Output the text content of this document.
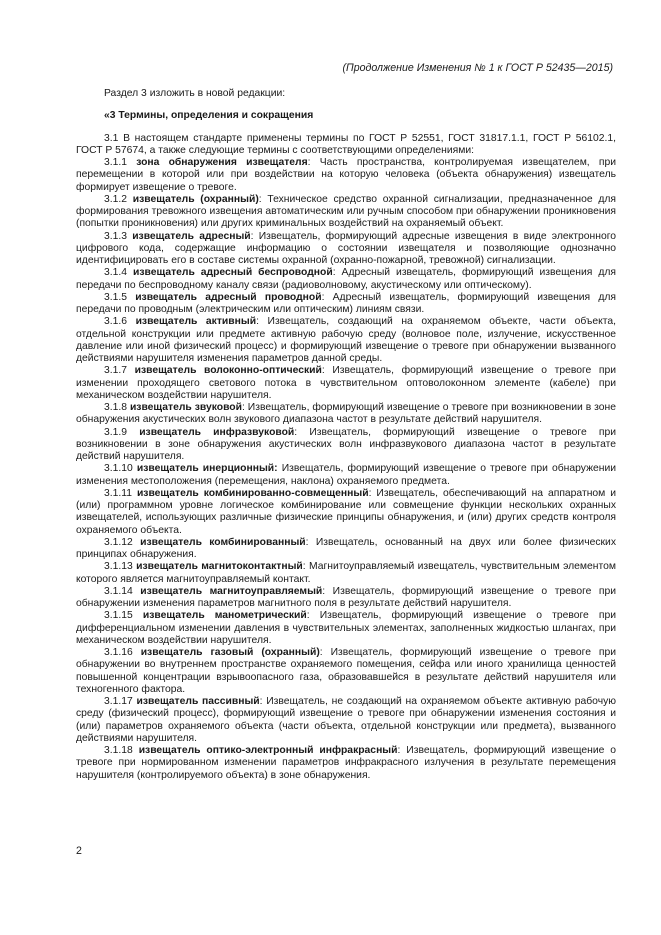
(Продолжение Изменения № 1 к ГОСТ Р 52435—2015)

Раздел 3 изложить в новой редакции:

«3 Термины, определения и сокращения

3.1 В настоящем стандарте применены термины по ГОСТ Р 52551, ГОСТ 31817.1.1, ГОСТ Р 56102.1, ГОСТ Р 57674, а также следующие термины с соответствующими определениями:

3.1.1 зона обнаружения извещателя: Часть пространства, контролируемая извещателем, при перемещении в которой или при воздействии на которую человека (объекта обнаружения) извещатель формирует извещение о тревоге.

3.1.2 извещатель (охранный): Техническое средство охранной сигнализации, предназначенное для формирования тревожного извещения автоматическим или ручным способом при обнаружении проникновения (попытки проникновения) или других криминальных воздействий на охраняемый объект.

3.1.3 извещатель адресный: Извещатель, формирующий адресные извещения в виде электронного цифрового кода, содержащие информацию о состоянии извещателя и позволяющие однозначно идентифицировать его в составе системы охранной (охранно-пожарной, тревожной) сигнализации.

3.1.4 извещатель адресный беспроводной: Адресный извещатель, формирующий извещения для передачи по беспроводному каналу связи (радиоволновому, акустическому или оптическому).

3.1.5 извещатель адресный проводной: Адресный извещатель, формирующий извещения для передачи по проводным (электрическим или оптическим) линиям связи.

3.1.6 извещатель активный: Извещатель, создающий на охраняемом объекте, части объекта, отдельной конструкции или предмете активную рабочую среду (волновое поле, излучение, искусственное давление или иной физический процесс) и формирующий извещение о тревоге при обнаружении вызванного действиями нарушителя изменения параметров данной среды.

3.1.7 извещатель волоконно-оптический: Извещатель, формирующий извещение о тревоге при изменении проходящего светового потока в чувствительном оптоволоконном элементе (кабеле) при механическом воздействии нарушителя.

3.1.8 извещатель звуковой: Извещатель, формирующий извещение о тревоге при возникновении в зоне обнаружения акустических волн звукового диапазона частот в результате действий нарушителя.

3.1.9 извещатель инфразвуковой: Извещатель, формирующий извещение о тревоге при возникновении в зоне обнаружения акустических волн инфразвукового диапазона частот в результате действий нарушителя.

3.1.10 извещатель инерционный: Извещатель, формирующий извещение о тревоге при обнаружении изменения местоположения (перемещения, наклона) охраняемого предмета.

3.1.11 извещатель комбинированно-совмещенный: Извещатель, обеспечивающий на аппаратном и (или) программном уровне логическое комбинирование или совмещение функции нескольких охранных извещателей, использующих различные физические принципы обнаружения, и (или) других средств контроля охраняемого объекта.

3.1.12 извещатель комбинированный: Извещатель, основанный на двух или более физических принципах обнаружения.

3.1.13 извещатель магнитоконтактный: Магнитоуправляемый извещатель, чувствительным элементом которого является магнитоуправляемый контакт.

3.1.14 извещатель магнитоуправляемый: Извещатель, формирующий извещение о тревоге при обнаружении изменения параметров магнитного поля в результате действий нарушителя.

3.1.15 извещатель манометрический: Извещатель, формирующий извещение о тревоге при дифференциальном изменении давления в чувствительных элементах, заполненных жидкостью шлангах, при механическом воздействии нарушителя.

3.1.16 извещатель газовый (охранный): Извещатель, формирующий извещение о тревоге при обнаружении во внутреннем пространстве охраняемого помещения, сейфа или иного хранилища ценностей повышенной концентрации взрывоопасного газа, образовавшейся в результате действий нарушителя или техногенного фактора.

3.1.17 извещатель пассивный: Извещатель, не создающий на охраняемом объекте активную рабочую среду (физический процесс), формирующий извещение о тревоге при обнаружении изменения состояния и (или) параметров охраняемого объекта (части объекта, отдельной конструкции или предмета), вызванного действиями нарушителя.

3.1.18 извещатель оптико-электронный инфракрасный: Извещатель, формирующий извещение о тревоге при нормированном изменении параметров инфракрасного излучения в результате перемещения нарушителя (контролируемого объекта) в зоне обнаружения.

2
